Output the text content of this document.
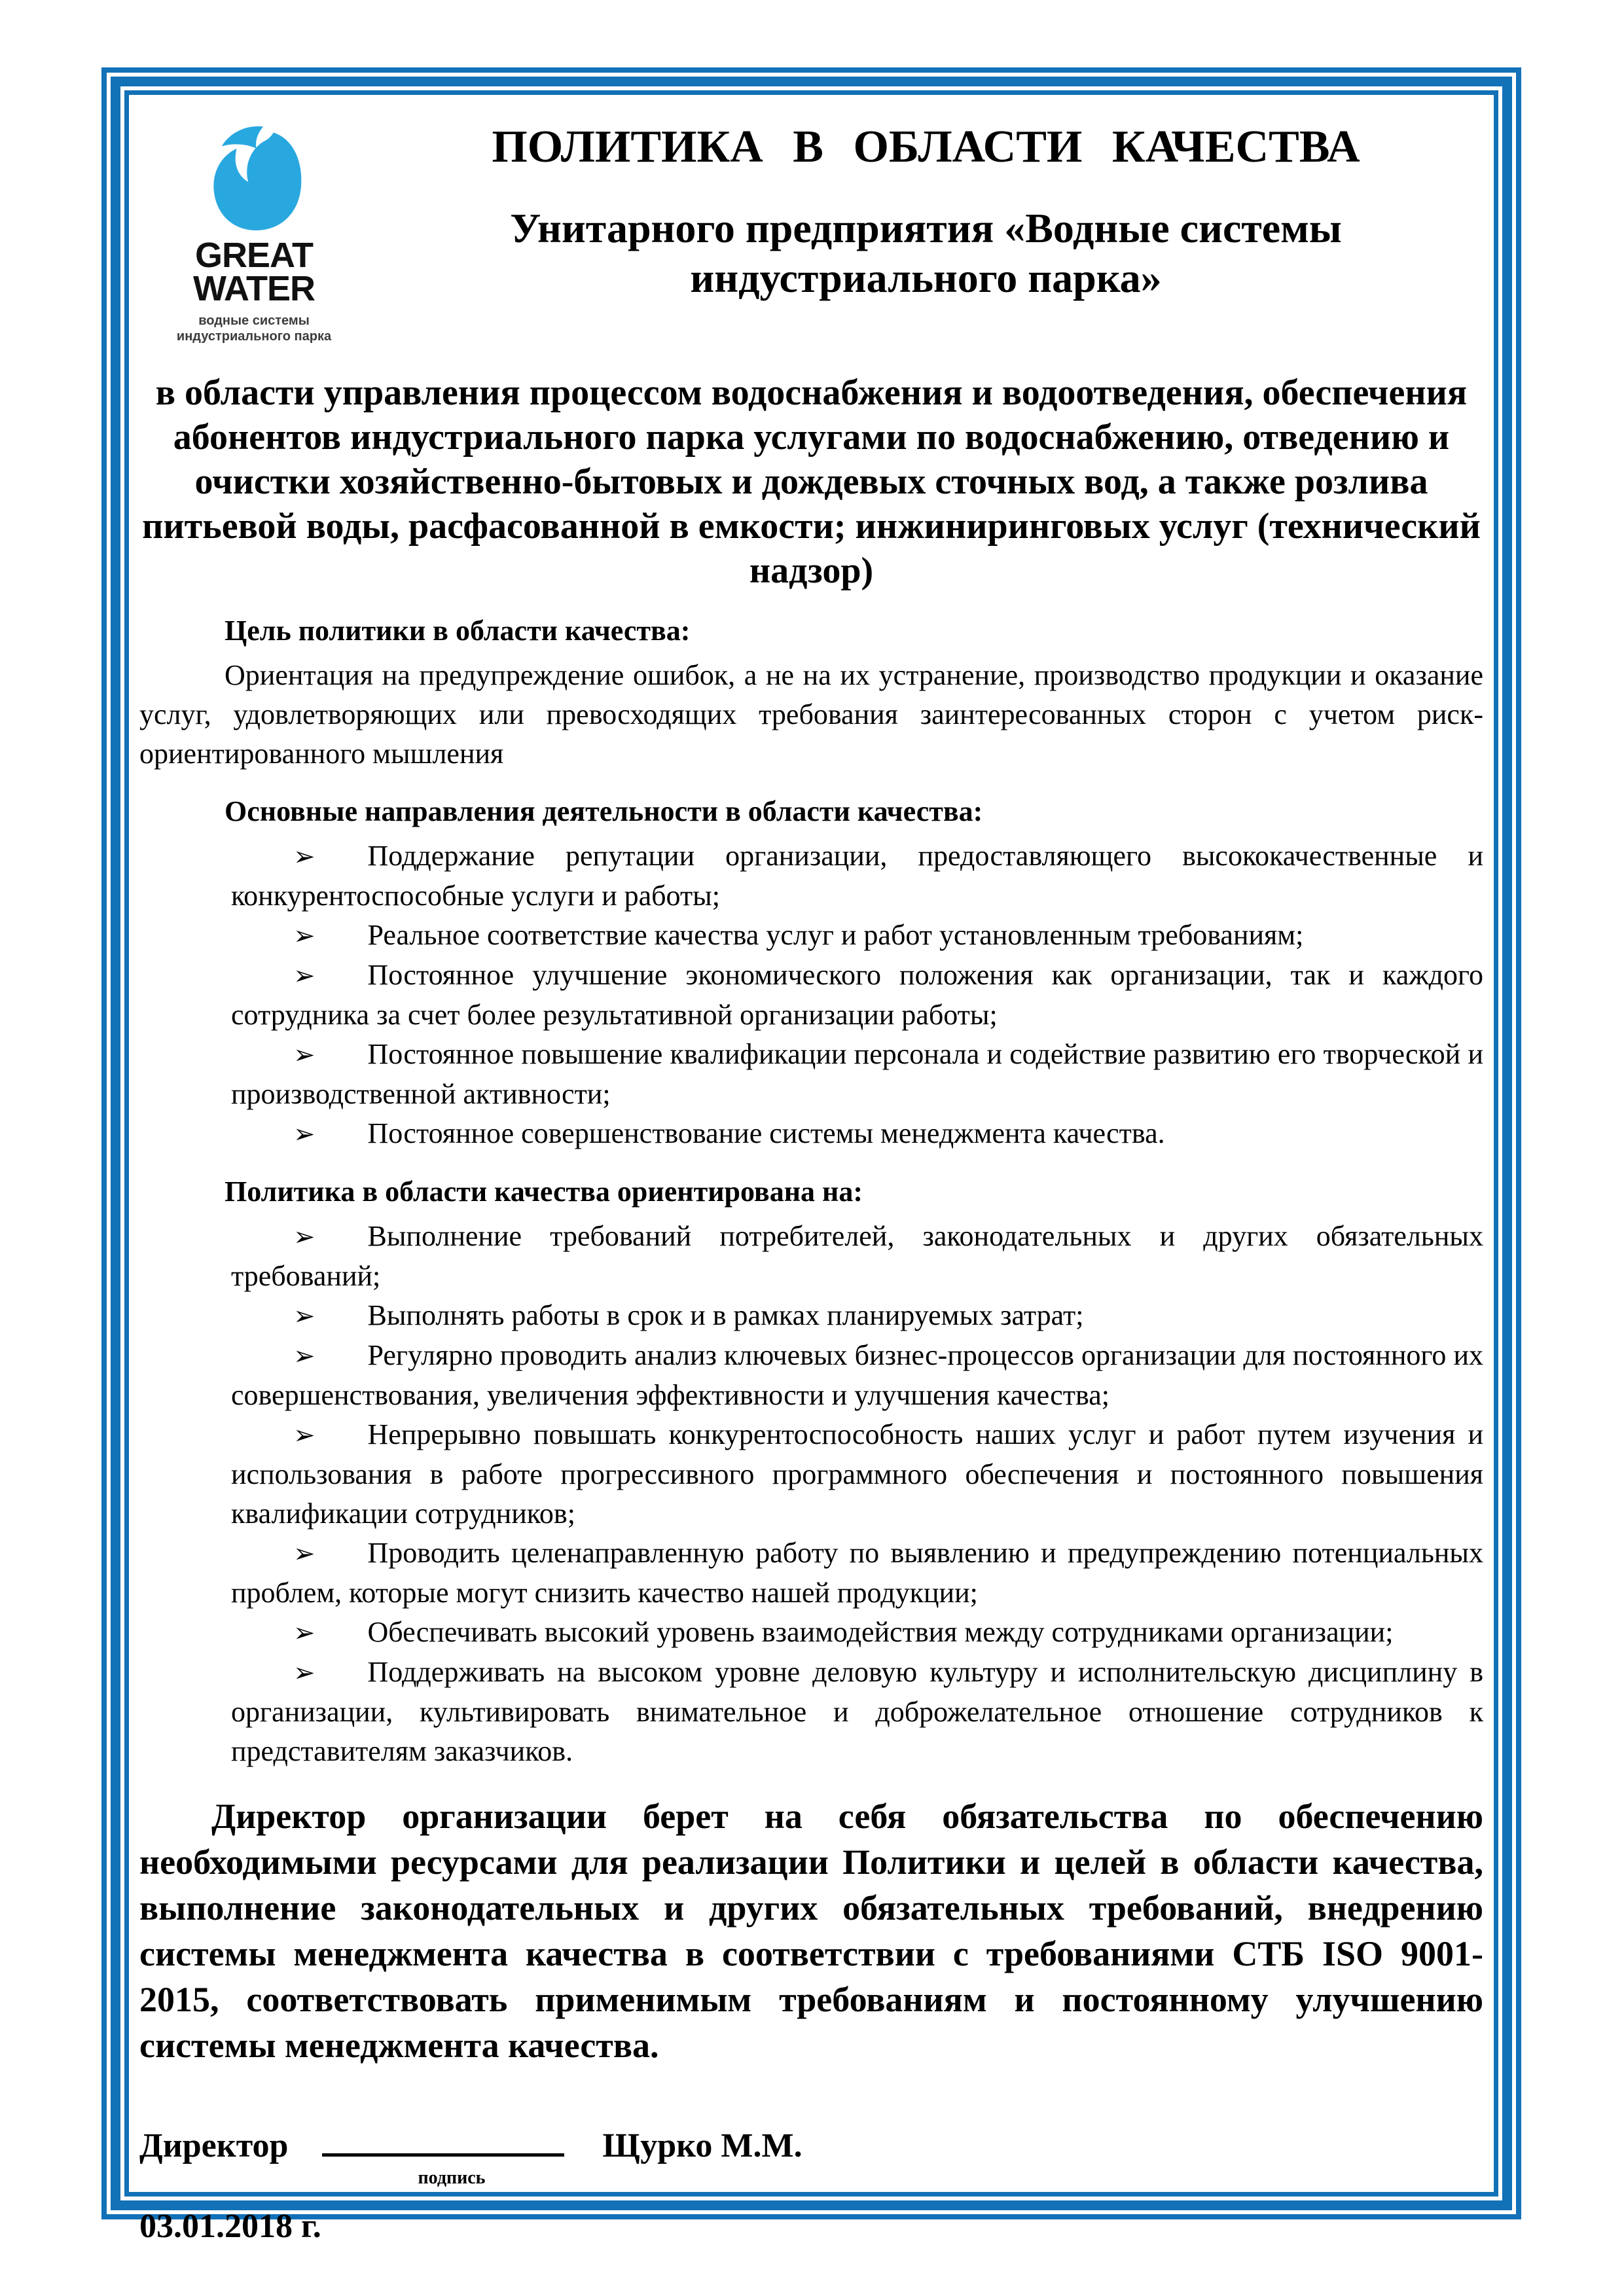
GREAT
WATER
водные системы
индустриального парка
ПОЛИТИКА В ОБЛАСТИ КАЧЕСТВА
Унитарного предприятия «Водные системы индустриального парка»
в области управления процессом водоснабжения и водоотведения, обеспечения абонентов индустриального парка услугами по водоснабжению, отведению и очистки хозяйственно-бытовых и дождевых сточных вод, а также розлива питьевой воды, расфасованной в емкости; инжиниринговых услуг (технический надзор)
Цель политики в области качества:
Ориентация на предупреждение ошибок, а не на их устранение, производство продукции и оказание услуг, удовлетворяющих или превосходящих требования заинтересованных сторон с учетом риск-ориентированного мышления
Основные направления деятельности в области качества:
➢ Поддержание репутации организации, предоставляющего высококачественные и конкурентоспособные услуги и работы;
➢ Реальное соответствие качества услуг и работ установленным требованиям;
➢ Постоянное улучшение экономического положения как организации, так и каждого сотрудника за счет более результативной организации работы;
➢ Постоянное повышение квалификации персонала и содействие развитию его творческой и производственной активности;
➢ Постоянное совершенствование системы менеджмента качества.
Политика в области качества ориентирована на:
➢ Выполнение требований потребителей, законодательных и других обязательных требований;
➢ Выполнять работы в срок и в рамках планируемых затрат;
➢ Регулярно проводить анализ ключевых бизнес-процессов организации для постоянного их совершенствования, увеличения эффективности и улучшения качества;
➢ Непрерывно повышать конкурентоспособность наших услуг и работ путем изучения и использования в работе прогрессивного программного обеспечения и постоянного повышения квалификации сотрудников;
➢ Проводить целенаправленную работу по выявлению и предупреждению потенциальных проблем, которые могут снизить качество нашей продукции;
➢ Обеспечивать высокий уровень взаимодействия между сотрудниками организации;
➢ Поддерживать на высоком уровне деловую культуру и исполнительскую дисциплину в организации, культивировать внимательное и доброжелательное отношение сотрудников к представителям заказчиков.
Директор организации берет на себя обязательства по обеспечению необходимыми ресурсами для реализации Политики и целей в области качества, выполнение законодательных и других обязательных требований, внедрению системы менеджмента качества в соответствии с требованиями СТБ ISO 9001-2015, соответствовать применимым требованиям и постоянному улучшению системы менеджмента качества.
Директор	Щурко М.М.
подпись
03.01.2018 г.
